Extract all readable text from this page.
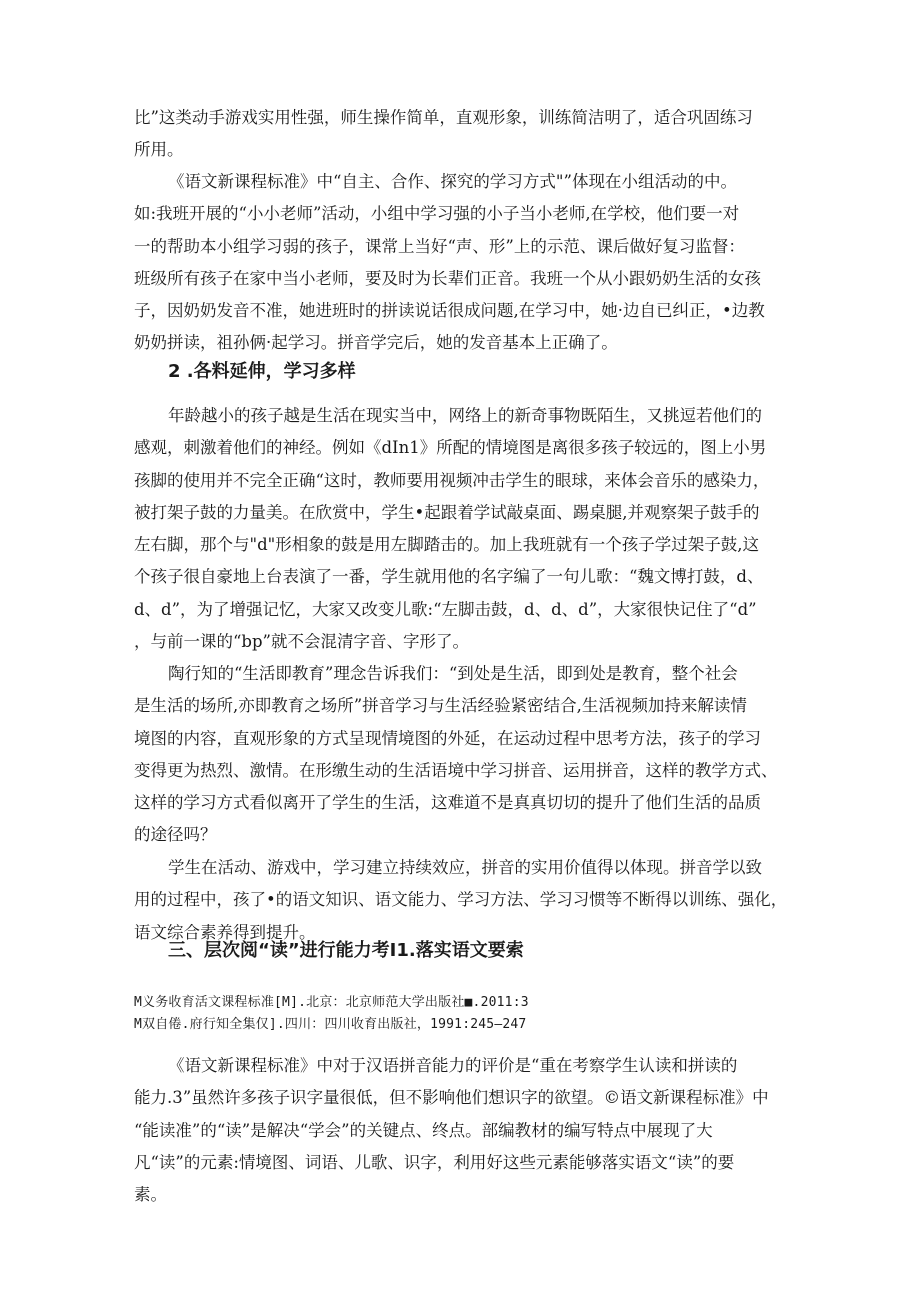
比”这类动手游戏实用性强，师生操作简单，直观形象，训练简洁明了，适合巩固练习
所用。

《语文新课程标准》中“自主、合作、探究的学习方式"”体现在小组活动的中。
如:我班开展的“小小老师”活动，小组中学习强的小子当小老师,在学校，他们要一对
一的帮助本小组学习弱的孩子，课常上当好“声、形”上的示范、课后做好复习监督：
班级所有孩子在家中当小老师，要及时为长辈们正音。我班一个从小跟奶奶生活的女孩
子，因奶奶发音不准，她进班时的拼读说话很成问题,在学习中，她·边自已纠正，•边教
奶奶拼读，祖孙俩·起学习。拼音学完后，她的发音基本上正确了。

2 .各料延伸，学习多样

年龄越小的孩子越是生活在现实当中，网络上的新奇事物既陌生，又挑逗若他们的
感观，刺激着他们的神经。例如《dIn1》所配的情境图是离很多孩子较远的，图上小男
孩脚的使用并不完全正确“这时，教师要用视频冲击学生的眼球，来体会音乐的感染力，
被打架子鼓的力量美。在欣赏中，学生•起跟着学试敲桌面、踢桌腿,并观察架子鼓手的
左右脚，那个与"d"形相象的鼓是用左脚踏击的。加上我班就有一个孩子学过架子鼓,这
个孩子很自豪地上台表演了一番，学生就用他的名字编了一句儿歌：“魏文博打鼓，d、
d、d”，为了增强记忆，大家又改变儿歌:“左脚击鼓，d、d、d”，大家很快记住了“d”
，与前一课的“bp”就不会混清字音、字形了。

陶行知的“生活即教育”理念告诉我们：“到处是生活，即到处是教育，整个社会
是生活的场所,亦即教育之场所”拼音学习与生活经验紧密结合,生活视频加持来解读情
境图的内容，直观形象的方式呈现情境图的外延，在运动过程中思考方法，孩子的学习
变得更为热烈、激情。在形缴生动的生活语境中学习拼音、运用拼音，这样的教学方式、
这样的学习方式看似离开了学生的生活，这难道不是真真切切的提升了他们生活的品质
的途径吗？

学生在活动、游戏中，学习建立持续效应，拼音的实用价值得以体现。拼音学以致
用的过程中，孩了•的语文知识、语文能力、学习方法、学习习惯等不断得以训练、强化，
语文综合素养得到提升。

三、层次阅“读”进行能力考I1.落实语文要索

M义务收育活文课程标准[M].北京：北京师范大学出版社■.2011:3

M双自倦.府行知全集仅].四川：四川收育出版社，1991:245—247

《语文新课程标准》中对于汉语拼音能力的评价是“重在考察学生认读和拼读的
能力.3”虽然许多孩子识字量很低，但不影响他们想识字的欲望。©语文新课程标准》中
“能读准”的“读”是解决“学会”的关键点、终点。部编教材的编写特点中展现了大
凡“读”的元素:情境图、词语、儿歌、识字，利用好这些元素能够落实语文“读”的要
素。
